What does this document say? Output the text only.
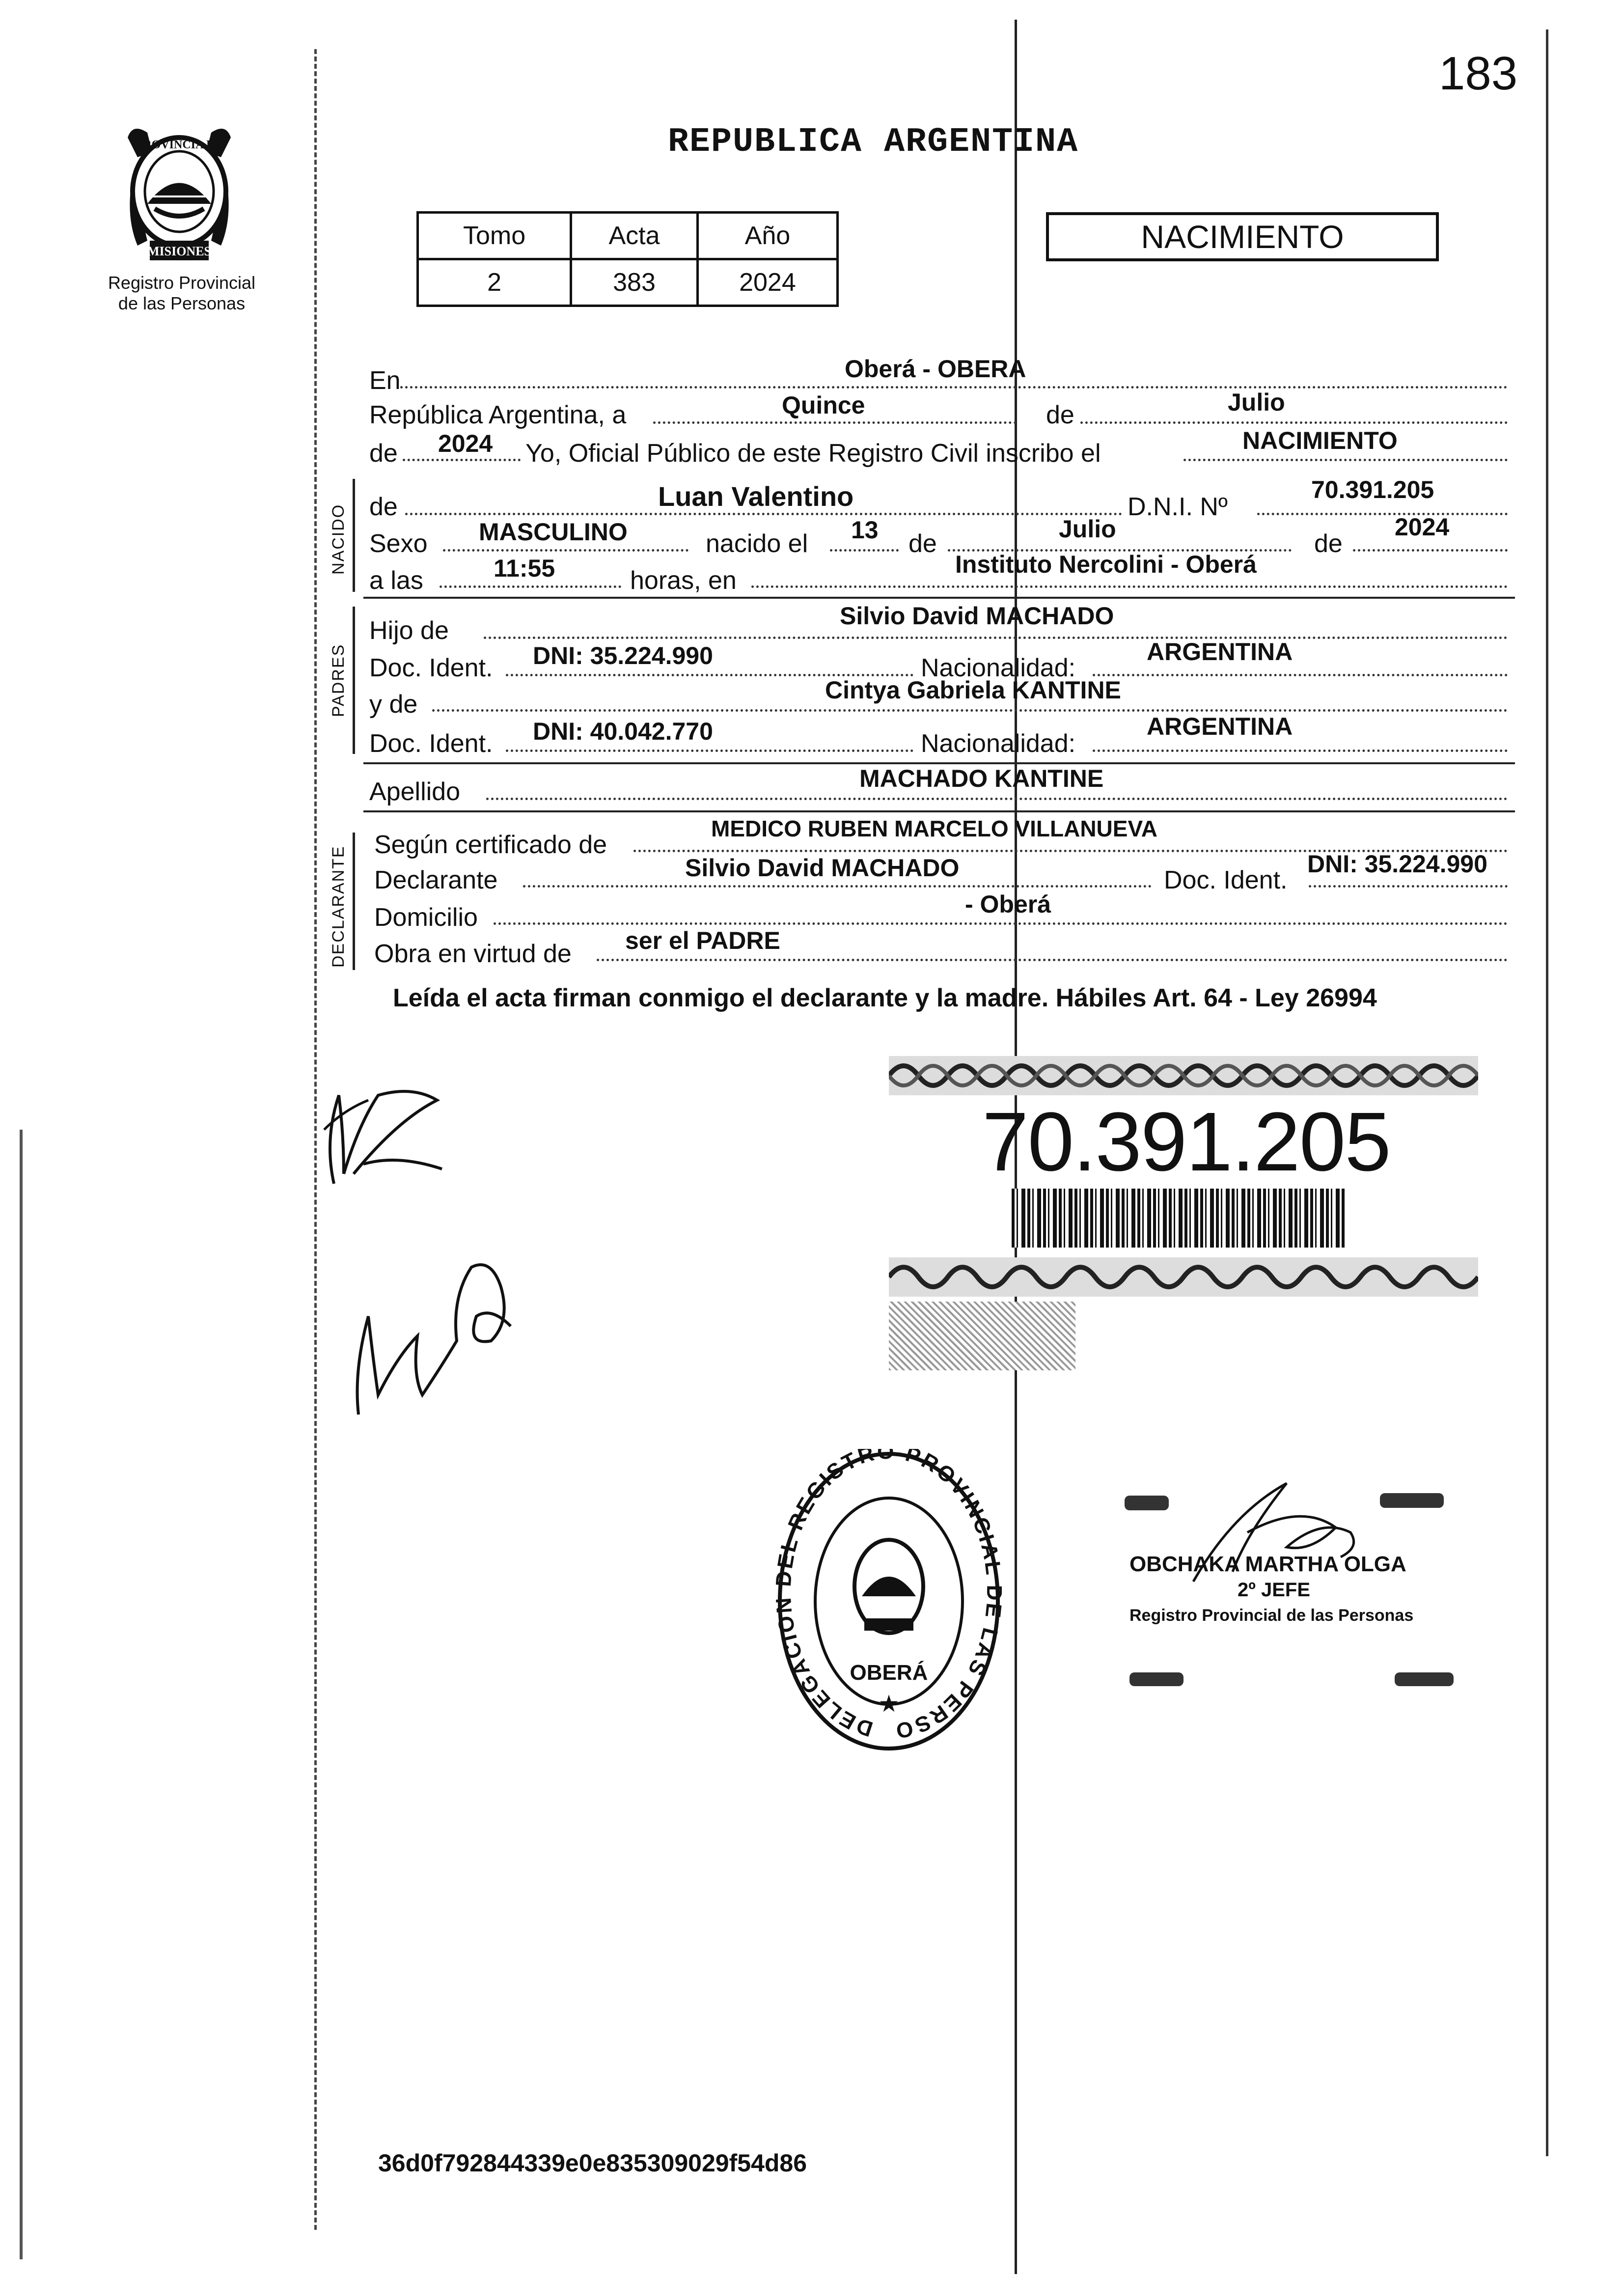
183
PROVINCIA DE
MISIONES
Registro Provincial
de las Personas
REPUBLICA ARGENTINA
Tomo	Acta	Año
2	383	2024
NACIMIENTO
NACIDO
PADRES
DECLARANTE
En	Oberá - OBERA
República Argentina, a	Quince	de	Julio
de 2024 Yo, Oficial Público de este Registro Civil inscribo el	NACIMIENTO
de	Luan Valentino	D.N.I. Nº
70.391.205
Sexo MASCULINO	nacido el 13 de
Julio
de
2024
a las	11:55	horas, en
Instituto Nercolini - Oberá
Hijo de
Silvio David MACHADO
Doc. Ident. DNI: 35.224.990	Nacionalidad:
ARGENTINA
y de	Cintya Gabriela KANTINE
Doc. Ident. DNI: 40.042.770	Nacionalidad:
ARGENTINA
Apellido	MACHADO KANTINE
Según certificado de
MEDICO RUBEN MARCELO VILLANUEVA
Declarante	Silvio David MACHADO	Doc. Ident.
DNI: 35.224.990
Domicilio	- Oberá
Obra en virtud de ser el PADRE
Leída el acta firman conmigo el declarante y la madre. Hábiles Art. 64 - Ley 26994
70.391.205
DELEGACI L REGISTRO PROVINCIA LAS PERSO
OBERÁ
★
OBCHAKA MARTHA OLGA
2º JEFE
Registro Provincial de las Personas
36d0f792844339e0e835309029f54d86
